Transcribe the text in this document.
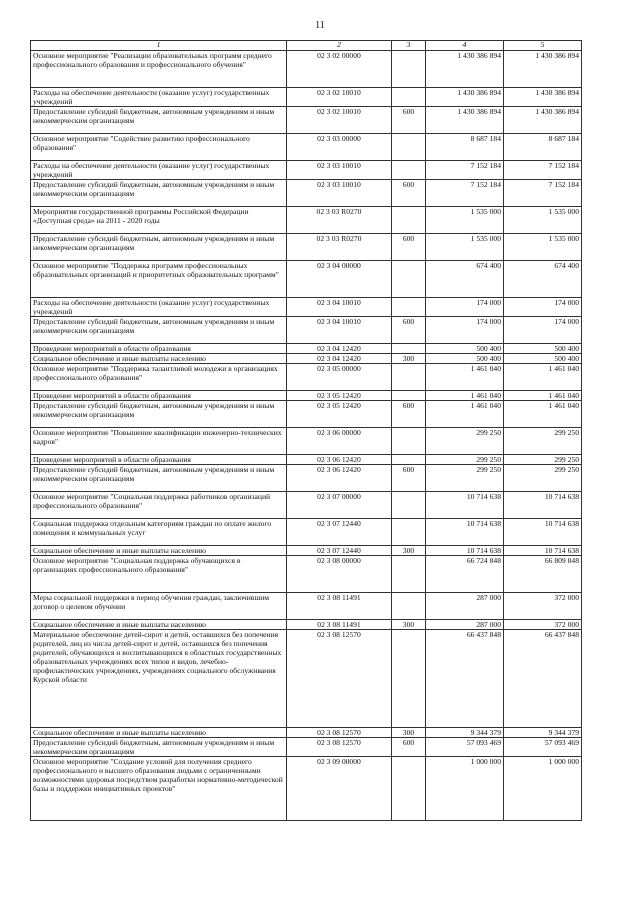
11
1	2	3	4	5
Основное мероприятие "Реализации образовательных программ среднего профессионального образования и профессионального обучения"	02 3 02 00000		1 430 386 894	1 430 386 894
Расходы на обеспечение деятельности (оказание услуг) государственных учреждений	02 3 02 10010		1 430 386 894	1 430 386 894
Предоставление субсидий бюджетным, автономным учреждениям и иным некоммерческим организациям	02 3 02 10010	600	1 430 386 894	1 430 386 894
Основное мероприятие "Содействие развитию профессионального образования"	02 3 03 00000		8 687 184	8 687 184
Расходы на обеспечение деятельности (оказание услуг) государственных учреждений	02 3 03 10010		7 152 184	7 152 184
Предоставление субсидий бюджетным, автономным учреждениям и иным некоммерческим организациям	02 3 03 10010	600	7 152 184	7 152 184
Мероприятия государственной программы Российской Федерации «Доступная среда» на 2011 - 2020 годы	02 3 03 R0270		1 535 000	1 535 000
Предоставление субсидий бюджетным, автономным учреждениям и иным некоммерческим организациям	02 3 03 R0270	600	1 535 000	1 535 000
Основное мероприятие "Поддержка программ профессиональных образовательных организаций и приоритетных образовательных программ"	02 3 04 00000		674 400	674 400
Расходы на обеспечение деятельности (оказание услуг) государственных учреждений	02 3 04 10010		174 000	174 000
Предоставление субсидий бюджетным, автономным учреждениям и иным некоммерческим организациям	02 3 04 10010	600	174 000	174 000
Проведение мероприятий в области образования	02 3 04 12420		500 400	500 400
Социальное обеспечение и иные выплаты населению	02 3 04 12420	300	500 400	500 400
Основное мероприятие "Поддержка талантливой молодежи в организациях профессионального образования"	02 3 05 00000		1 461 040	1 461 040
Проведение мероприятий в области образования	02 3 05 12420		1 461 040	1 461 040
Предоставление субсидий бюджетным, автономным учреждениям и иным некоммерческим организациям	02 3 05 12420	600	1 461 040	1 461 040
Основное мероприятие "Повышение квалификации инженерно-технических кадров"	02 3 06 00000		299 250	299 250
Проведение мероприятий в области образования	02 3 06 12420		299 250	299 250
Предоставление субсидий бюджетным, автономным учреждениям и иным некоммерческим организациям	02 3 06 12420	600	299 250	299 250
Основное мероприятие "Социальная поддержка работников организаций профессионального образования"	02 3 07 00000		10 714 638	10 714 638
Социальная поддержка отдельным категориям граждан по оплате жилого помещения и коммунальных услуг	02 3 07 12440		10 714 638	10 714 638
Социальное обеспечение и иные выплаты населению	02 3 07 12440	300	10 714 638	10 714 638
Основное мероприятие "Социальная поддержка обучающихся в организациях профессионального образования"	02 3 08 00000		66 724 848	66 809 848
Меры социальной поддержки в период обучения граждан, заключившим договор о целевом обучении	02 3 08 11491		287 000	372 000
Социальное обеспечение и иные выплаты населению	02 3 08 11491	300	287 000	372 000
Материальное обеспечение детей-сирот и детей, оставшихся без попечения родителей, лиц из числа детей-сирот и детей, оставшихся без попечения родителей, обучающихся и воспитывающихся в областных государственных образовательных учреждениях всех типов и видов, лечебно-профилактических учреждениях, учреждениях социального обслуживания Курской области	02 3 08 12570		66 437 848	66 437 848
Социальное обеспечение и иные выплаты населению	02 3 08 12570	300	9 344 379	9 344 379
Предоставление субсидий бюджетным, автономным учреждениям и иным некоммерческим организациям	02 3 08 12570	600	57 093 469	57 093 469
Основное мероприятие "Создание условий для получения среднего профессионального и высшего образования людьми с ограниченными возможностями здоровья посредством разработки нормативно-методической базы и поддержки инициативных проектов"	02 3 09 00000		1 000 000	1 000 000
